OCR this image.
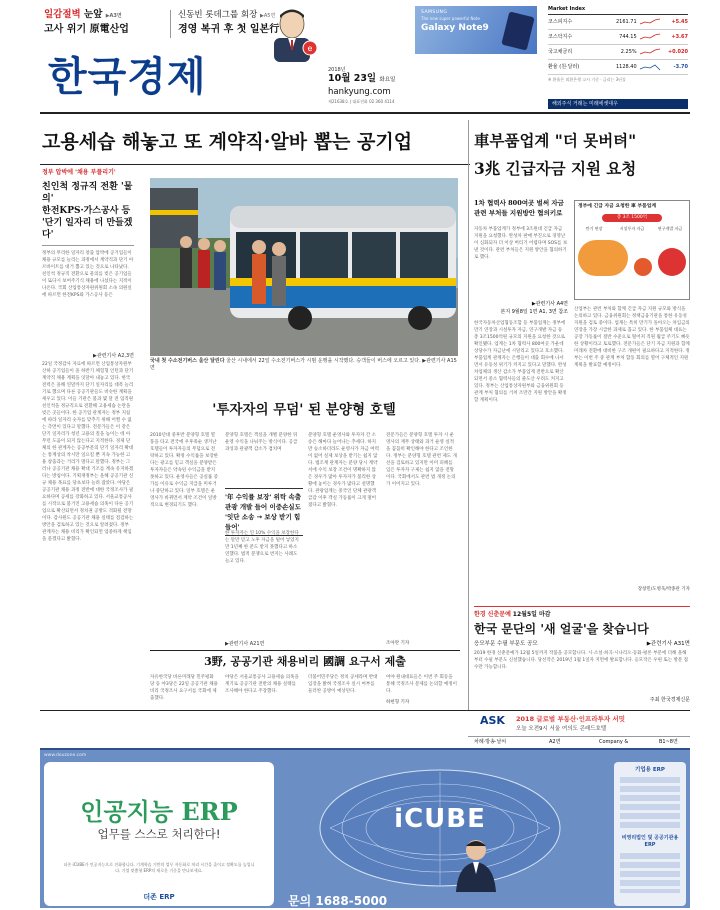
일감절벽 눈앞 ▶A3면
고사 위기 原電산업
신동빈 롯데그룹 회장 ▶A5면
경영 복귀 후 첫 일본行
e
한국경제	2018년
10월 23일 화요일
hankyung.com
제21638호 | 대표전화 02 360 4114
SAMSUNG
The new super powerful Note
Galaxy Note9
Market Index
코스피지수	2161.71	+5.45
코스닥지수	744.15	+3.67
국고채금리	2.25%	+0.020
환율 (원·달러)	1128.40	-3.70
※ 환율은 외환은행 고시 기준 · 금리는 3년물
해외주식 거래는 미래에셋대우
고용세습 해놓고 또 계약직·알바 뽑는 공기업
정부 압박에 '채용 부풀리기'
친인척 정규직 전환 '물의'
한전KPS·가스공사 등
'단기 일자리 더 만들겠다'
정부의 무리한 일자리 창출 압박에 공기업들이 채용 규모를 늘리는 과정에서 계약직과 단기 아르바이트를 대거 뽑고 있는 것으로 나타났다. 친인척 정규직 전환으로 물의를 빚은 공기업들이 또다시 보여주기식 채용에 나섰다는 지적이 나온다. 국회 산업통상자원위원회 소속 의원실에 따르면 한전KPS와 가스공사 등은
▶관련기사 A2,3면
22일 국정감사 자료에 따르면 산업통상자원부 산하 공기업들이 올 하반기 체험형 인턴과 단기 계약직 채용 계획을 잇달아 내놓고 있다. 한국전력은 올해 연말까지 단기 일자리를 대폭 늘리기로 했으며 다른 공공기관들도 비슷한 계획을 세우고 있다. 이들 기관은 불과 몇 달 전 임직원 친인척을 정규직으로 전환해 고용세습 논란을 빚은 곳들이다. 한 공기업 관계자는 정부 지침에 따라 일자리 숫자를 맞추기 위해 어쩔 수 없는 측면이 있다고 말했다. 전문가들은 이 같은 단기 일자리가 청년 고용의 질을 높이는 데 아무런 도움이 되지 않는다고 지적한다. 경제 단체의 한 관계자는 공공부문의 단기 일자리 확대는 통계상의 착시만 일으킬 뿐 지속 가능한 고용 창출과는 거리가 멀다고 말했다. 정부는 그러나 공공기관 채용 확대 기조를 계속 유지하겠다는 방침이다. 기획재정부는 올해 공공기관 신규 채용 목표를 당초보다 늘려 잡았다. 야당은 공공기관 채용 과정 전반에 대한 국정조사가 필요하다며 공세를 강화하고 있다. 서울교통공사를 시작으로 불거진 고용세습 의혹이 다른 공기업으로 확산되면서 정치권 공방도 격화될 전망이다. 감사원도 공공기관 채용 실태를 점검하는 방안을 검토하고 있는 것으로 알려졌다. 정부 관계자는 채용 비리가 확인되면 엄중하게 책임을 묻겠다고 밝혔다.
국내 첫 수소전기버스 울산 달린다 울산 시내에서 22일 수소전기버스가 시범 운행을 시작했다. 승객들이 버스에 오르고 있다. ▶관련기사 A15면
'투자자의 무덤' 된 분양형 호텔
2010년대 중후반 분양형 호텔 열풍을 타고 전국에 우후죽순 생겨난 호텔들이 투자자들의 무덤으로 전락하고 있다. 확정 수익률을 보장한다는 광고를 믿고 객실을 분양받은 투자자들은 약속된 수익금을 받지 못하고 있다. 운영사들은 공실률 증가를 이유로 수익금 지급을 미루거나 중단하고 있다. 일부 호텔은 운영사가 바뀌면서 계약 조건이 일방적으로 변경되기도 했다.
분양형 호텔은 객실을 개별 분양한 뒤 운영 수익을 나눠주는 방식이다. 공급 과잉과 관광객 감소가 겹치며
'年 수익률 보장' 위탁 속출
관광 개발 들어 이중손실도
'잇단 소송 → 보상 받기 힘들어'
한 투자자는 연 10% 수익을 보장한다는 말만 믿고 노후 자금을 털어 넣었지만 1년째 한 푼도 받지 못했다고 하소연했다. 법적 분쟁으로 번지는 사례도 늘고 있다.
▶관련기사 A21면
분양형 호텔 운영사와 투자자 간 소송은 해마다 늘어나는 추세다. 하지만 승소하더라도 운영사가 자금 여력이 없어 실제 보상을 받기는 쉽지 않다. 법조계 관계자는 분양 당시 계약서에 수익 보장 조건이 명확하지 않은 경우가 많아 투자자가 불리한 상황에 놓이는 경우가 많다고 설명했다. 관광업계는 중국인 단체 관광객 급감 이후 객실 가동률이 크게 떨어졌다고 밝혔다.
전문가들은 분양형 호텔 투자 시 운영사의 재무 상태와 과거 운영 실적을 꼼꼼히 확인해야 한다고 조언한다. 정부는 분양형 호텔 관련 제도 개선을 검토하고 있지만 이미 피해를 입은 투자자 구제는 쉽지 않을 전망이다. 국회에서도 관련 법 개정 논의가 이어지고 있다.
조아란 기자
3野, 공공기관 채용비리 國調 요구서 제출
자유한국당 바른미래당 민주평화당 등 야3당은 22일 공공기관 채용비리 국정조사 요구서를 국회에 제출했다.
야당은 서울교통공사 고용세습 의혹을 계기로 공공기관 전반의 채용 실태를 조사해야 한다고 주장했다.
더불어민주당은 정치 공세라며 반대 입장을 밝혀 국정조사 실시 여부를 둘러싼 공방이 예상된다.
여야 원내대표들은 이번 주 회동을 통해 국정조사 문제를 논의할 예정이다.
하헌형 기자
車부품업계 "더 못버텨"
3兆 긴급자금 지원 요청
1차 협력사 800여곳 벌써 자금
관련 부처들 지원방안 협의키로
자동차 부품업계가 정부에 3조원대 긴급 자금 지원을 요청했다. 완성차 판매 부진으로 경영난이 심화되자 더 이상 버티기 어렵다며 SOS를 보낸 것이다. 관련 부처들은 지원 방안을 협의하기로 했다.
▶관련기사 A4면
본지 9월8일 1면 A1, 3면 참조
한국자동차산업협동조합 등 부품업계는 정부에 만기 연장과 시설투자 자금, 연구개발 자금 등 총 3조1500억원 규모의 지원을 요청한 것으로 확인됐다. 업계는 1차 협력사 800여곳 가운데 상당수가 자금난에 시달리고 있다고 호소했다. 부품업계 관계자는 은행들이 대출 회수에 나서면서 유동성 위기가 커지고 있다고 말했다. 완성차업체의 생산 감소가 부품업계 전반으로 확산되면서 중소 협력사들의 줄도산 우려도 커지고 있다. 정부는 산업통상자원부와 금융위원회 등 관계 부처 협의를 거쳐 조만간 지원 방안을 확정할 계획이다.
정부에 긴급 자금 요청한 車 부품업계
총 3조 1500억
만기 연장	시설투자 자금	연구개발 자금
산업부는 관련 부처와 함께 긴급 자금 지원 규모와 방식을 논의하고 있다. 금융위원회는 정책금융기관을 통한 유동성 지원을 검토 중이다. 업계는 특히 만기가 돌아오는 차입금의 연장을 가장 시급한 과제로 꼽고 있다. 한 부품업체 대표는 공장 가동률이 절반 수준으로 떨어져 직원 월급 주기도 빠듯한 상황이라고 토로했다. 전문가들은 단기 자금 지원과 함께 미래차 전환에 대비한 구조 개편이 필요하다고 지적한다. 정부는 이번 주 중 관계 부처 합동 회의를 열어 구체적인 지원 계획을 발표할 예정이다.
장창민/도병욱/박종관 기자
한경 신춘문예 12월5일 마감
한국 문단의 '새 얼굴'을 찾습니다
응모부문 수필 부문도 공모	▶관련기사 A31면
2019 한경 신춘문예가 12월 5일까지 작품을 공모합니다. 시·소설·희곡·시나리오·동화·평론 부문에 더해 올해부터 수필 부문도 신설했습니다. 당선작은 2019년 1월 1일자 지면에 발표합니다. 응모작은 우편 또는 방문 접수만 가능합니다.
주최 한국경제신문
ASK 2018 글로벌 부동산·인프라투자 서밋
오늘 오전9시 서울 여의도 콘래드호텔
차례·방송·날씨	A2면	Company &	B1~8면
www.douzone.com
인공지능 ERP
업무를 스스로 처리한다!
더존 iCUBE가 인공지능으로 진화합니다. 기계학습 기반의 업무 자동화로 처리 시간을 줄이고 정확도를 높입니다. 기업 맞춤형 ERP의 새로운 기준을 만나보세요.
더존 ERP
iCUBE
문의 1688-5000
기업용 ERP
비영리법인 및 공공기관용 ERP
